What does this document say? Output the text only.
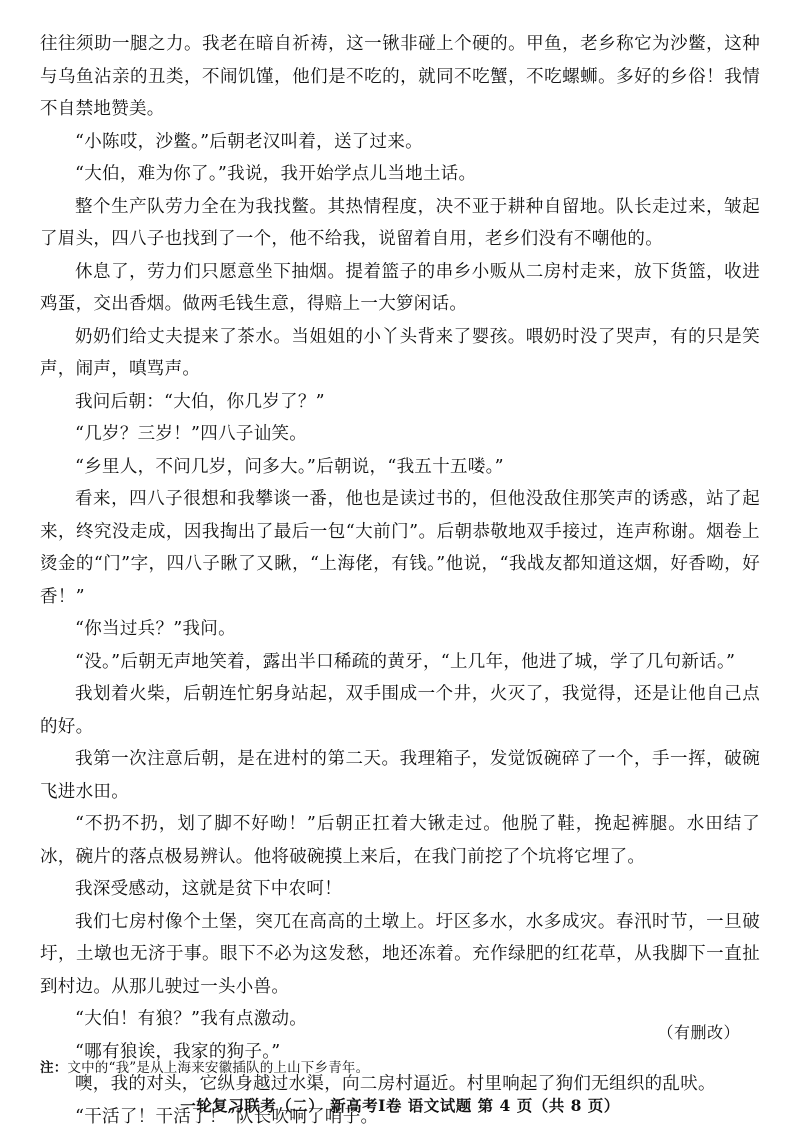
往往须助一腿之力。我老在暗自祈祷，这一锹非碰上个硬的。甲鱼，老乡称它为沙鳖，这种与乌鱼沾亲的丑类，不闹饥馑，他们是不吃的，就同不吃蟹，不吃螺蛳。多好的乡俗！我情不自禁地赞美。

“小陈哎，沙鳖。”后朝老汉叫着，送了过来。

“大伯，难为你了。”我说，我开始学点儿当地土话。

整个生产队劳力全在为我找鳖。其热情程度，决不亚于耕种自留地。队长走过来，皱起了眉头，四八子也找到了一个，他不给我，说留着自用，老乡们没有不嘲他的。

休息了，劳力们只愿意坐下抽烟。提着篮子的串乡小贩从二房村走来，放下货篮，收进鸡蛋，交出香烟。做两毛钱生意，得赔上一大箩闲话。

奶奶们给丈夫提来了茶水。当姐姐的小丫头背来了婴孩。喂奶时没了哭声，有的只是笑声，闹声，嗔骂声。

我问后朝：“大伯，你几岁了？”

“几岁？三岁！”四八子讪笑。

“乡里人，不问几岁，问多大。”后朝说，“我五十五喽。”

看来，四八子很想和我攀谈一番，他也是读过书的，但他没敌住那笑声的诱惑，站了起来，终究没走成，因我掏出了最后一包“大前门”。后朝恭敬地双手接过，连声称谢。烟卷上烫金的“门”字，四八子瞅了又瞅，“上海佬，有钱。”他说，“我战友都知道这烟，好香呦，好香！”

“你当过兵？”我问。

“没。”后朝无声地笑着，露出半口稀疏的黄牙，“上几年，他进了城，学了几句新话。”

我划着火柴，后朝连忙躬身站起，双手围成一个井，火灭了，我觉得，还是让他自己点的好。

我第一次注意后朝，是在进村的第二天。我理箱子，发觉饭碗碎了一个，手一挥，破碗飞进水田。

“不扔不扔，划了脚不好呦！”后朝正扛着大锹走过。他脱了鞋，挽起裤腿。水田结了冰，碗片的落点极易辨认。他将破碗摸上来后，在我门前挖了个坑将它埋了。

我深受感动，这就是贫下中农呵！

我们七房村像个土堡，突兀在高高的土墩上。圩区多水，水多成灾。春汛时节，一旦破圩，土墩也无济于事。眼下不必为这发愁，地还冻着。充作绿肥的红花草，从我脚下一直扯到村边。从那儿驶过一头小兽。

“大伯！有狼？”我有点激动。

“哪有狼诶，我家的狗子。”

噢，我的对头，它纵身越过水渠，向二房村逼近。村里响起了狗们无组织的乱吠。

“干活了！干活了！”队长吹响了哨子。

（有删改）
注：文中的“我”是从上海来安徽插队的上山下乡青年。
一轮复习联考（二） 新高考Ⅰ卷 语文试题 第 4 页（共 8 页）
